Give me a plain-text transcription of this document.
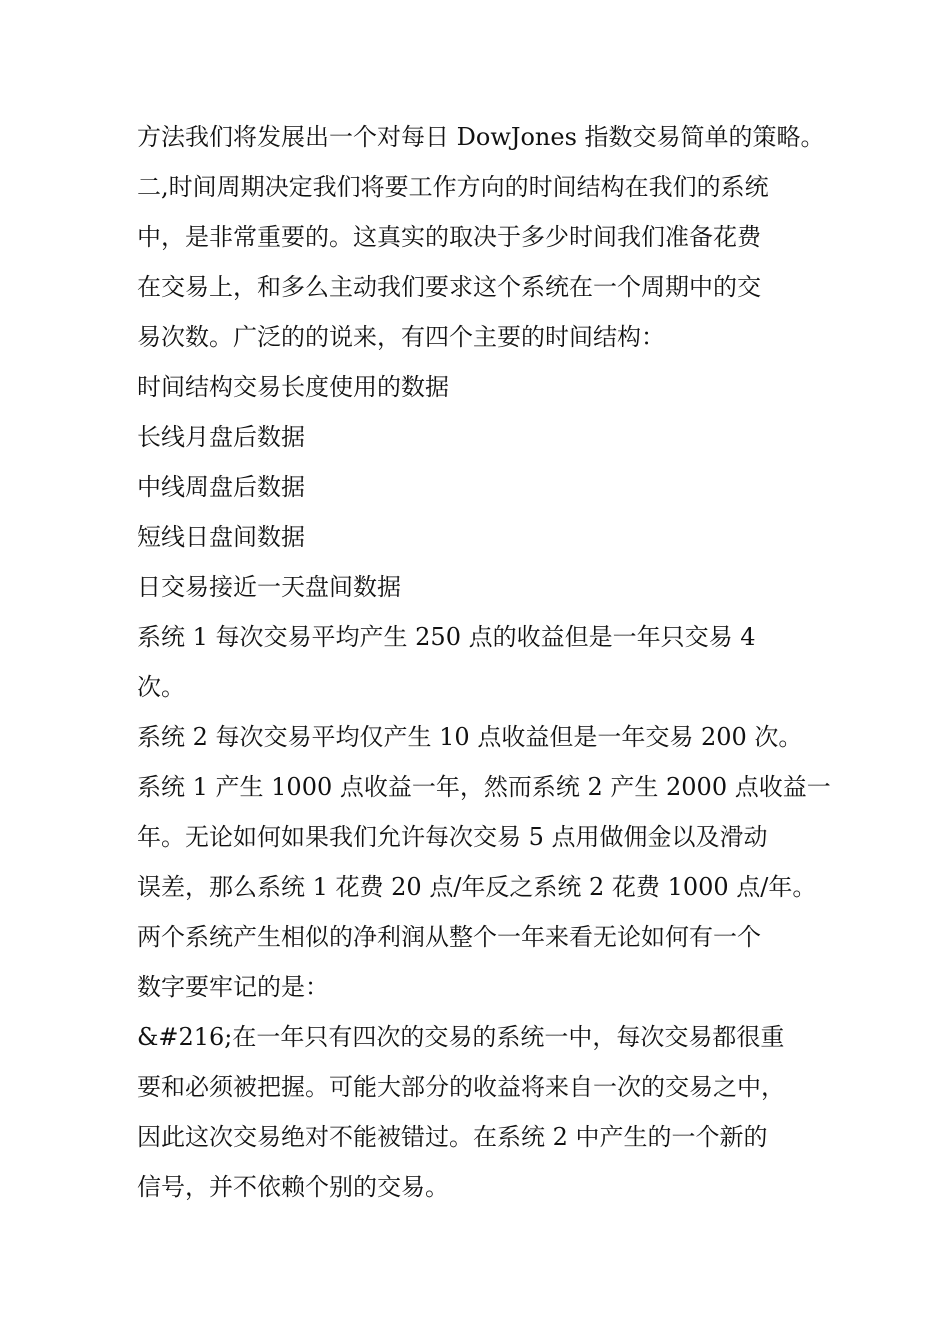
方法我们将发展出一个对每日 DowJones 指数交易简单的策略。
二,时间周期决定我们将要工作方向的时间结构在我们的系统
中，是非常重要的。这真实的取决于多少时间我们准备花费
在交易上，和多么主动我们要求这个系统在一个周期中的交
易次数。广泛的的说来，有四个主要的时间结构：
时间结构交易长度使用的数据
长线月盘后数据
中线周盘后数据
短线日盘间数据
日交易接近一天盘间数据
系统 1 每次交易平均产生 250 点的收益但是一年只交易 4
次。
系统 2 每次交易平均仅产生 10 点收益但是一年交易 200 次。
系统 1 产生 1000 点收益一年，然而系统 2 产生 2000 点收益一
年。无论如何如果我们允许每次交易 5 点用做佣金以及滑动
误差，那么系统 1 花费 20 点/年反之系统 2 花费 1000 点/年。
两个系统产生相似的净利润从整个一年来看无论如何有一个
数字要牢记的是：
&#216;在一年只有四次的交易的系统一中，每次交易都很重
要和必须被把握。可能大部分的收益将来自一次的交易之中，
因此这次交易绝对不能被错过。在系统 2 中产生的一个新的
信号，并不依赖个别的交易。
